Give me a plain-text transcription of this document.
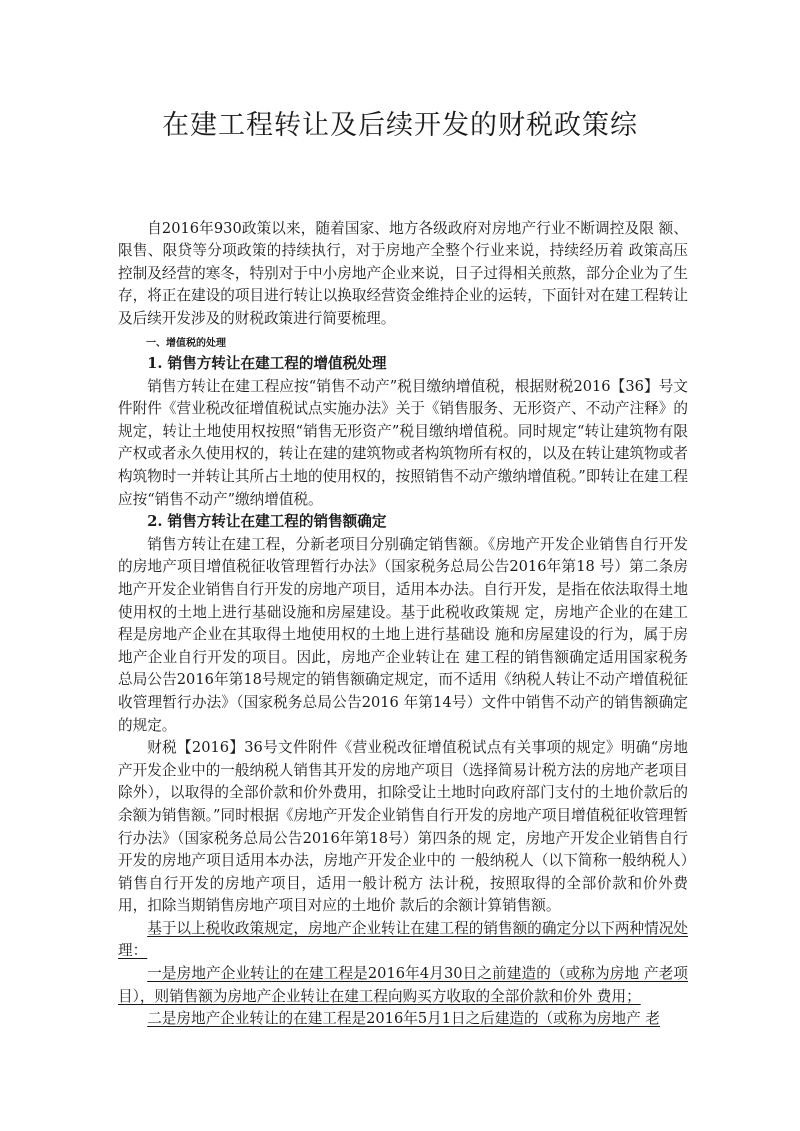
在建工程转让及后续开发的财税政策综

自2016年930政策以来，随着国家、地方各级政府对房地产行业不断调控及限 额、限售、限贷等分项政策的持续执行，对于房地产全整个行业来说，持续经历着 政策高压控制及经营的寒冬，特别对于中小房地产企业来说，日子过得相关煎熬，部分企业为了生存，将正在建设的项目进行转让以换取经营资金维持企业的运转，下面针对在建工程转让及后续开发涉及的财税政策进行简要梳理。

一、增值税的处理

1. 销售方转让在建工程的增值税处理

销售方转让在建工程应按“销售不动产”税目缴纳增值税，根据财税2016【36】号文件附件《营业税改征增值税试点实施办法》关于《销售服务、无形资产、不动产注释》的规定，转让土地使用权按照“销售无形资产”税目缴纳增值税。同时规定“转让建筑物有限产权或者永久使用权的，转让在建的建筑物或者构筑物所有权的，以及在转让建筑物或者构筑物时一并转让其所占土地的使用权的，按照销售不动产缴纳增值税。”即转让在建工程应按“销售不动产”缴纳增值税。

2. 销售方转让在建工程的销售额确定

销售方转让在建工程，分新老项目分别确定销售额。《房地产开发企业销售自行开发的房地产项目增值税征收管理暂行办法》（国家税务总局公告2016年第18 号）第二条房地产开发企业销售自行开发的房地产项目，适用本办法。自行开发，是指在依法取得土地使用权的土地上进行基础设施和房屋建设。基于此税收政策规 定，房地产企业的在建工程是房地产企业在其取得土地使用权的土地上进行基础设 施和房屋建设的行为，属于房地产企业自行开发的项目。因此，房地产企业转让在 建工程的销售额确定适用国家税务总局公告2016年第18号规定的销售额确定规定，而不适用《纳税人转让不动产增值税征收管理暂行办法》（国家税务总局公告2016 年第14号）文件中销售不动产的销售额确定的规定。

财税【2016】36号文件附件《营业税改征增值税试点有关事项的规定》明确“房地产开发企业中的一般纳税人销售其开发的房地产项目（选择简易计税方法的房地产老项目除外），以取得的全部价款和价外费用，扣除受让土地时向政府部门支付的土地价款后的余额为销售额。”同时根据《房地产开发企业销售自行开发的房地产项目增值税征收管理暂行办法》（国家税务总局公告2016年第18号）第四条的规 定，房地产开发企业销售自行开发的房地产项目适用本办法，房地产开发企业中的 一般纳税人（以下简称一般纳税人）销售自行开发的房地产项目，适用一般计税方 法计税，按照取得的全部价款和价外费用，扣除当期销售房地产项目对应的土地价 款后的余额计算销售额。

基于以上税收政策规定，房地产企业转让在建工程的销售额的确定分以下两种情况处理：

一是房地产企业转让的在建工程是2016年4月30日之前建造的（或称为房地 产老项目），则销售额为房地产企业转让在建工程向购买方收取的全部价款和价外 费用；

二是房地产企业转让的在建工程是2016年5月1日之后建造的（或称为房地产 老
